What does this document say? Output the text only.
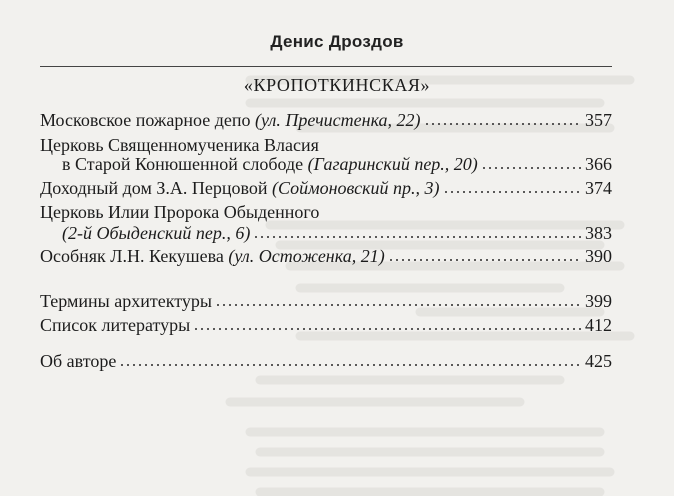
Денис Дроздов
«КРОПОТКИНСКАЯ»
Московское пожарное депо (ул. Пречистенка, 22)	357
Церковь Священномученика Власия
в Старой Конюшенной слободе (Гагаринский пер., 20)	366
Доходный дом З.А. Перцовой (Соймоновский пр., 3)	374
Церковь Илии Пророка Обыденного
(2-й Обыденский пер., 6)	383
Особняк Л.Н. Кекушева (ул. Остоженка, 21)	390
Термины архитектуры	399
Список литературы	412
Об авторе	425
